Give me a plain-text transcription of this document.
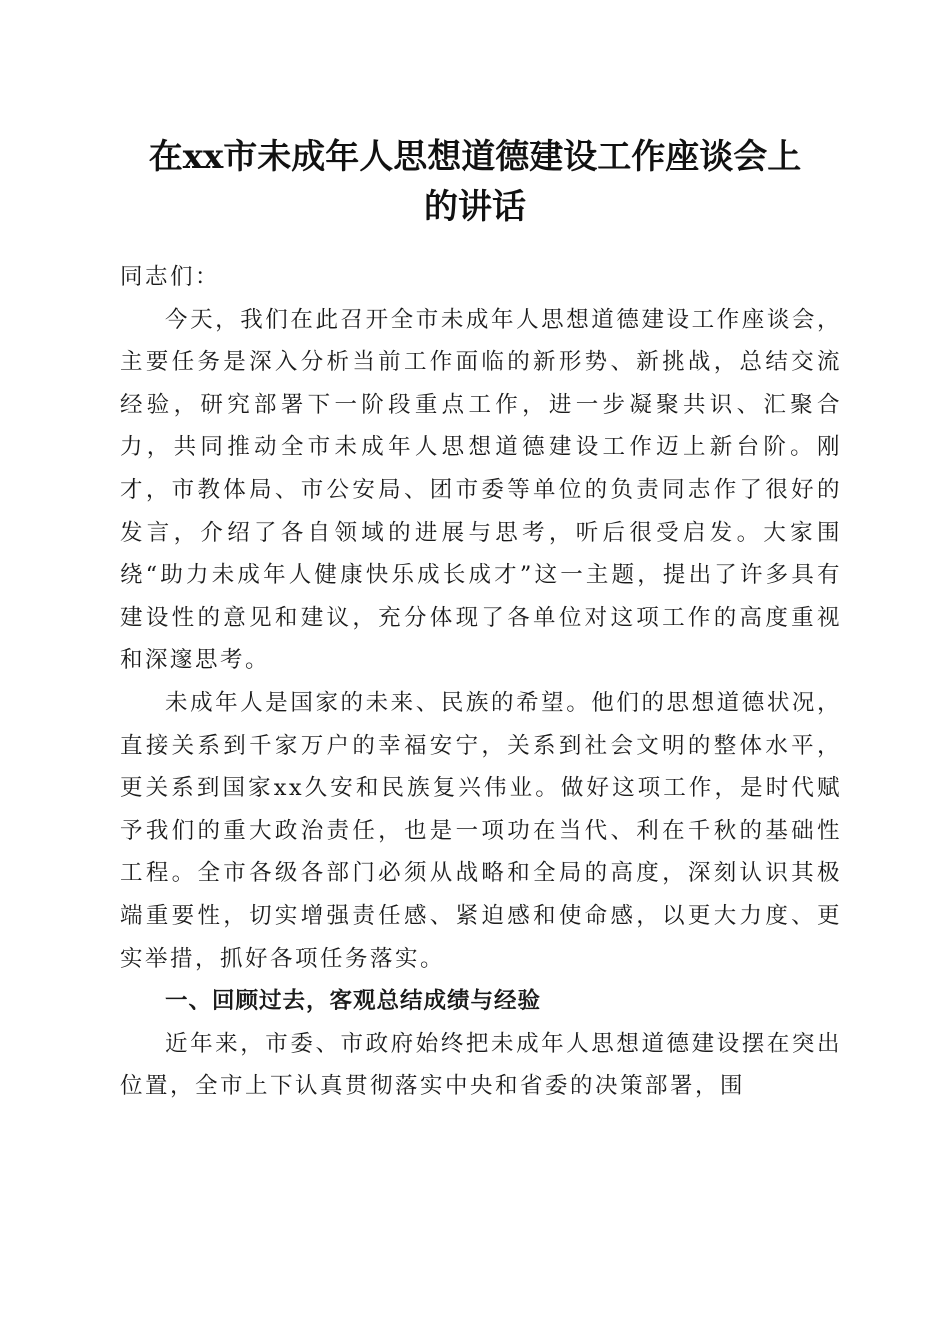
在xx市未成年人思想道德建设工作座谈会上
的讲话

同志们：

今天，我们在此召开全市未成年人思想道德建设工作座谈会，主要任务是深入分析当前工作面临的新形势、新挑战，总结交流经验，研究部署下一阶段重点工作，进一步凝聚共识、汇聚合力，共同推动全市未成年人思想道德建设工作迈上新台阶。刚才，市教体局、市公安局、团市委等单位的负责同志作了很好的发言，介绍了各自领域的进展与思考，听后很受启发。大家围绕“助力未成年人健康快乐成长成才”这一主题，提出了许多具有建设性的意见和建议，充分体现了各单位对这项工作的高度重视和深邃思考。

未成年人是国家的未来、民族的希望。他们的思想道德状况，直接关系到千家万户的幸福安宁，关系到社会文明的整体水平，更关系到国家xx久安和民族复兴伟业。做好这项工作，是时代赋予我们的重大政治责任，也是一项功在当代、利在千秋的基础性工程。全市各级各部门必须从战略和全局的高度，深刻认识其极端重要性，切实增强责任感、紧迫感和使命感，以更大力度、更实举措，抓好各项任务落实。

一、回顾过去，客观总结成绩与经验

近年来，市委、市政府始终把未成年人思想道德建设摆在突出位置，全市上下认真贯彻落实中央和省委的决策部署，围
